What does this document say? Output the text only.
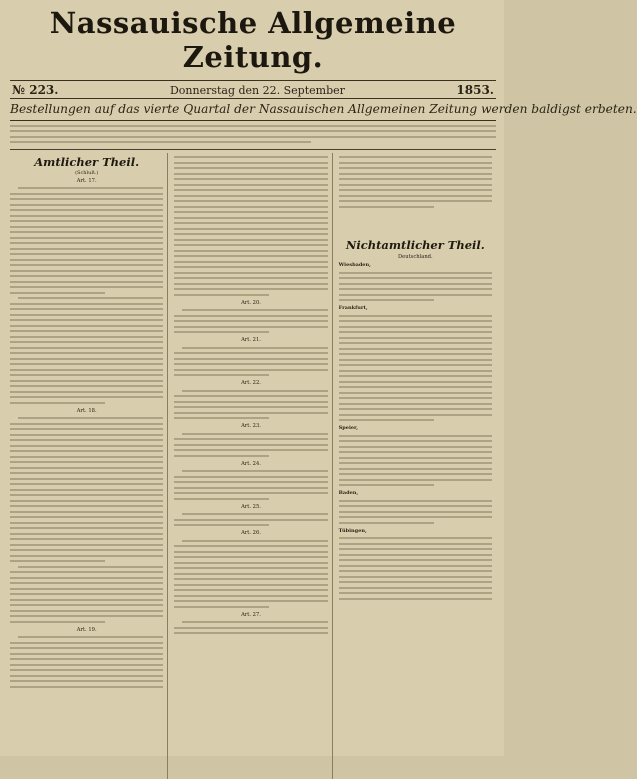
Nassauische Allgemeine Zeitung.
№ 223.	Donnerstag den 22. September	1853.
Bestellungen auf das vierte Quartal der Nassauischen Allgemeinen Zeitung werden baldigst erbeten.
Amtlicher Theil.
(Schluß.)
Art. 17.
Art. 18.
Art. 19.
Art. 20.
Art. 21.
Art. 22.
Art. 23.
Art. 24.
Art. 25.
Art. 26.
Art. 27.
Nichtamtlicher Theil.
Deutschland.
Wiesbaden,
Frankfurt,
Speier,
Baden,
Tübingen,
